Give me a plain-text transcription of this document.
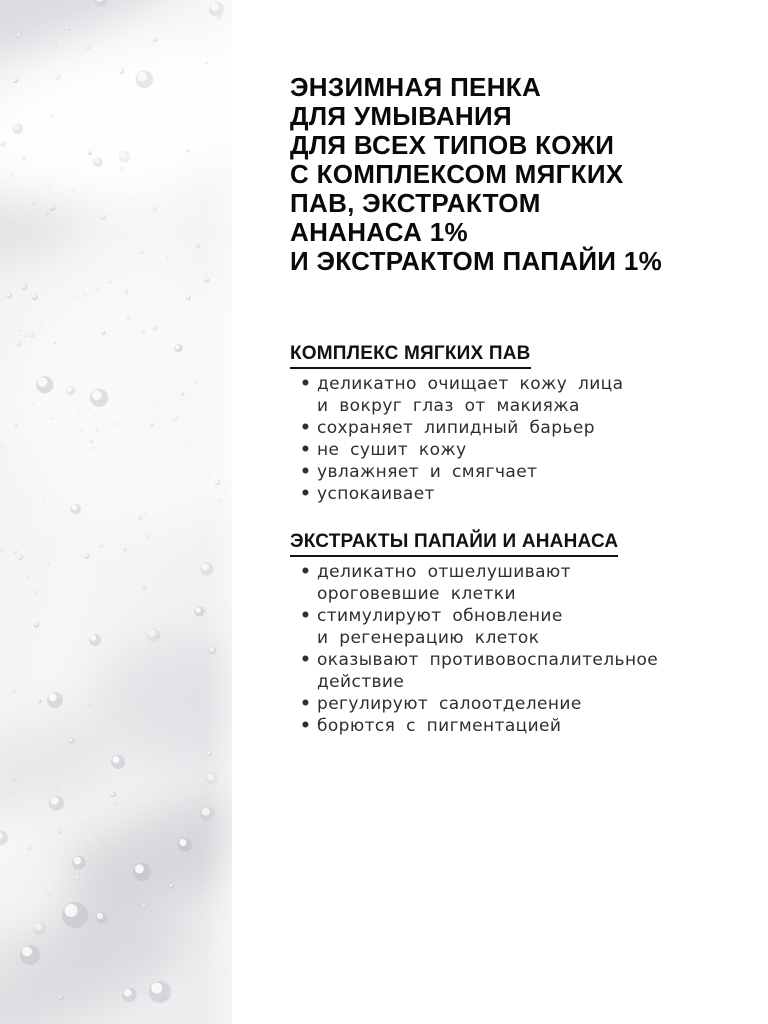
ЭНЗИМНАЯ ПЕНКА
ДЛЯ УМЫВАНИЯ
ДЛЯ ВСЕХ ТИПОВ КОЖИ
С КОМПЛЕКСОМ МЯГКИХ
ПАВ, ЭКСТРАКТОМ
АНАНАСА 1%
И ЭКСТРАКТОМ ПАПАЙИ 1%
КОМПЛЕКС МЯГКИХ ПАВ
• деликатно очищает кожу лица
и вокруг глаз от макияжа
• сохраняет липидный барьер
• не сушит кожу
• увлажняет и смягчает
• успокаивает
ЭКСТРАКТЫ ПАПАЙИ И АНАНАСА
• деликатно отшелушивают
ороговевшие клетки
• стимулируют обновление
и регенерацию клеток
• оказывают противовоспалительное
действие
• регулируют салоотделение
• борются с пигментацией
